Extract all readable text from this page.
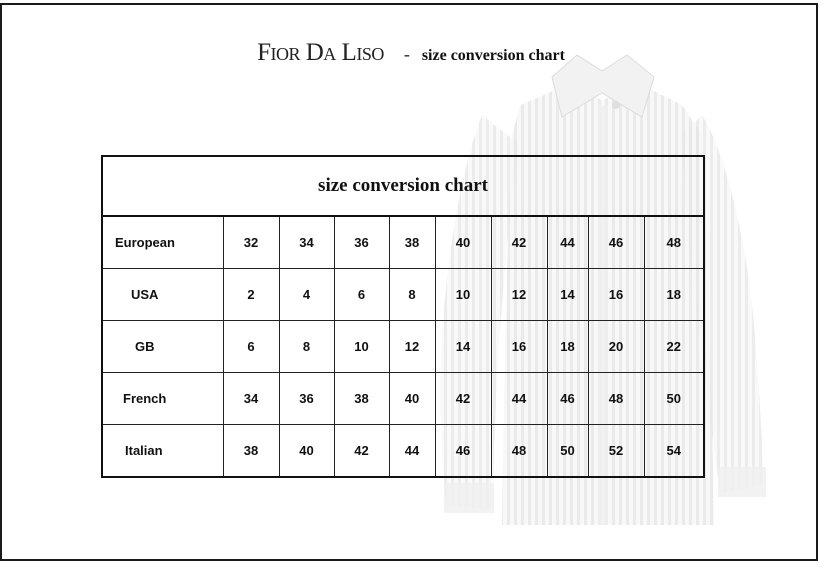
Fior Da Liso - size conversion chart
size conversion chart									
European	32	34	36	38	40	42	44	46	48
USA	2	4	6	8	10	12	14	16	18
GB	6	8	10	12	14	16	18	20	22
French	34	36	38	40	42	44	46	48	50
Italian	38	40	42	44	46	48	50	52	54
